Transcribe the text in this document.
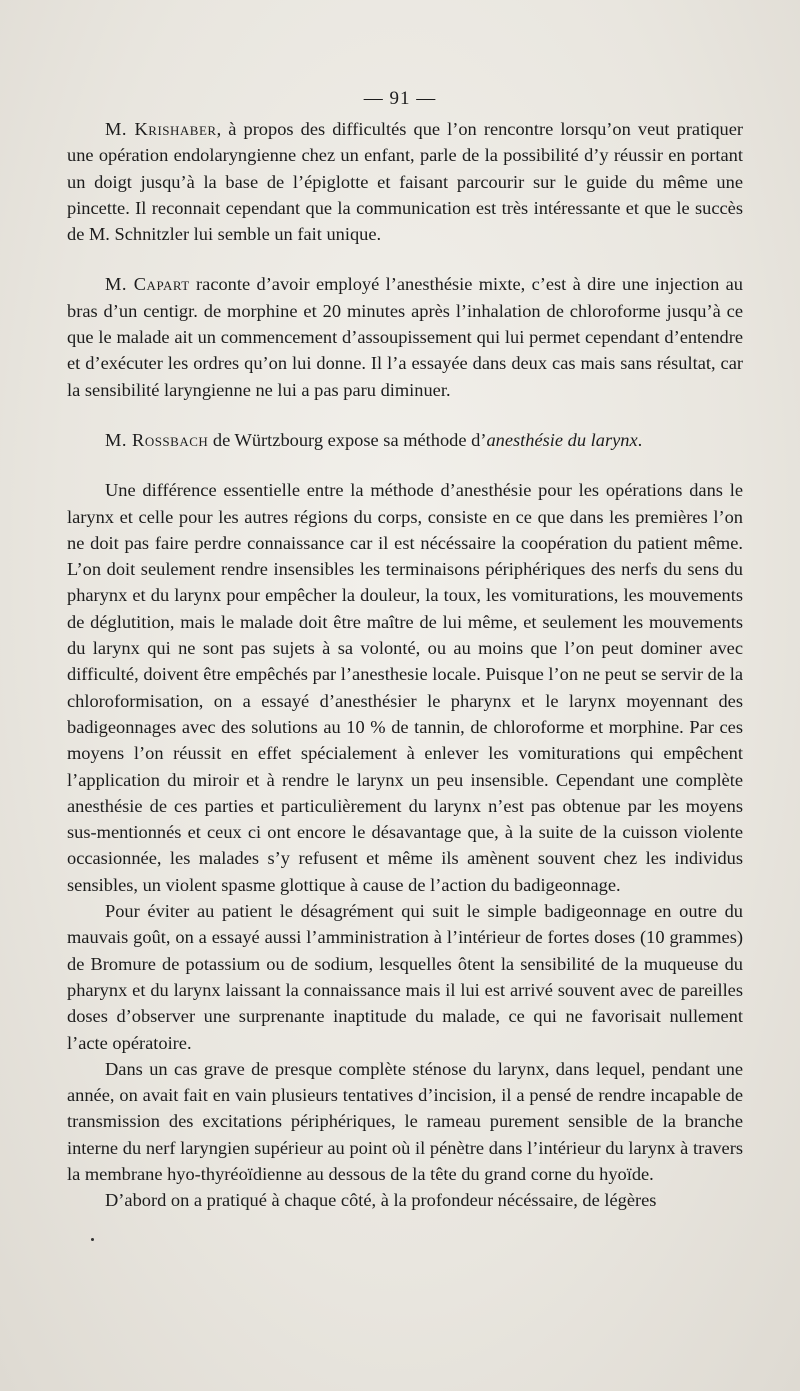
— 91 —

M. Krishaber, à propos des difficultés que l’on rencontre lorsqu’on veut pratiquer une opération endolaryngienne chez un enfant, parle de la possibilité d’y réussir en portant un doigt jusqu’à la base de l’épiglotte et faisant parcourir sur le guide du même une pincette. Il reconnait cependant que la communication est très intéressante et que le succès de M. Schnitzler lui semble un fait unique.

M. Capart raconte d’avoir employé l’anesthésie mixte, c’est à dire une injection au bras d’un centigr. de morphine et 20 minutes après l’inhalation de chloroforme jusqu’à ce que le malade ait un commencement d’assoupissement qui lui permet cependant d’entendre et d’exécuter les ordres qu’on lui donne. Il l’a essayée dans deux cas mais sans résultat, car la sensibilité laryngienne ne lui a pas paru diminuer.

M. Rossbach de Würtzbourg expose sa méthode d’anesthésie du larynx.

Une différence essentielle entre la méthode d’anesthésie pour les opérations dans le larynx et celle pour les autres régions du corps, consiste en ce que dans les premières l’on ne doit pas faire perdre connaissance car il est nécéssaire la coopération du patient même. L’on doit seulement rendre insensibles les terminaisons périphériques des nerfs du sens du pharynx et du larynx pour empêcher la douleur, la toux, les vomiturations, les mouvements de déglutition, mais le malade doit être maître de lui même, et seulement les mouvements du larynx qui ne sont pas sujets à sa volonté, ou au moins que l’on peut dominer avec difficulté, doivent être empêchés par l’anesthesie locale. Puisque l’on ne peut se servir de la chloroformisation, on a essayé d’anesthésier le pharynx et le larynx moyennant des badigeonnages avec des solutions au 10 % de tannin, de chloroforme et morphine. Par ces moyens l’on réussit en effet spécialement à enlever les vomiturations qui empêchent l’application du miroir et à rendre le larynx un peu insensible. Cependant une complète anesthésie de ces parties et particulièrement du larynx n’est pas obtenue par les moyens sus-mentionnés et ceux ci ont encore le désavantage que, à la suite de la cuisson violente occasionnée, les malades s’y refusent et même ils amènent souvent chez les individus sensibles, un violent spasme glottique à cause de l’action du badigeonnage.

Pour éviter au patient le désagrément qui suit le simple badigeonnage en outre du mauvais goût, on a essayé aussi l’amministration à l’intérieur de fortes doses (10 grammes) de Bromure de potassium ou de sodium, lesquelles ôtent la sensibilité de la muqueuse du pharynx et du larynx laissant la connaissance mais il lui est arrivé souvent avec de pareilles doses d’observer une surprenante inaptitude du malade, ce qui ne favorisait nullement l’acte opératoire.

Dans un cas grave de presque complète sténose du larynx, dans lequel, pendant une année, on avait fait en vain plusieurs tentatives d’incision, il a pensé de rendre incapable de transmission des excitations périphériques, le rameau purement sensible de la branche interne du nerf laryngien supérieur au point où il pénètre dans l’intérieur du larynx à travers la membrane hyo-thyréoïdienne au dessous de la tête du grand corne du hyoïde.

D’abord on a pratiqué à chaque côté, à la profondeur nécéssaire, de légères
